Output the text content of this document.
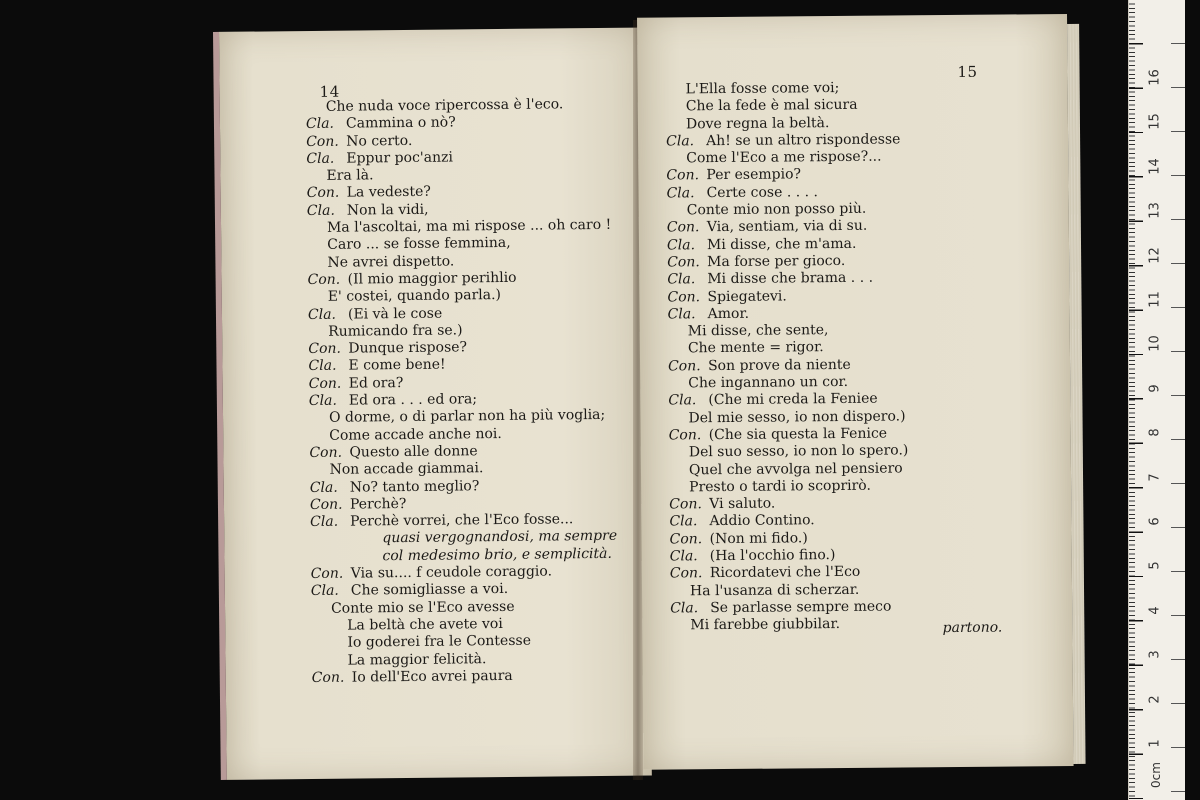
14
Che nuda voce ripercossa è l'eco.
Cla. Cammina o nò?
Con. No certo.
Cla. Eppur poc'anzi
Era là.
Con. La vedeste?
Cla. Non la vidi,
Ma l'ascoltai, ma mi rispose ... oh caro !
Caro ... se fosse femmina,
Ne avrei dispetto.
Con. (Il mio maggior perihlio
E' costei, quando parla.)
Cla. (Ei và le cose
Rumicando fra se.)
Con. Dunque rispose?
Cla. E come bene!
Con. Ed ora?
Cla. Ed ora . . . ed ora;
O dorme, o di parlar non ha più voglia;
Come accade anche noi.
Con. Questo alle donne
Non accade giammai.
Cla. No? tanto meglio?
Con. Perchè?
Cla. Perchè vorrei, che l'Eco fosse...
quasi vergognandosi, ma sempre
col medesimo brio, e semplicità.
Con. Via su.... f ceudole coraggio.
Cla. Che somigliasse a voi.
Conte mio se l'Eco avesse
La beltà che avete voi
Io goderei fra le Contesse
La maggior felicità.
Con. Io dell'Eco avrei paura
15
L'Ella fosse come voi;
Che la fede è mal sicura
Dove regna la beltà.
Cla. Ah! se un altro rispondesse
Come l'Eco a me rispose?...
Con. Per esempio?
Cla. Certe cose . . . .
Conte mio non posso più.
Con. Via, sentiam, via di su.
Cla. Mi disse, che m'ama.
Con. Ma forse per gioco.
Cla. Mi disse che brama . . .
Con. Spiegatevi.
Cla. Amor.
Mi disse, che sente,
Che mente = rigor.
Con. Son prove da niente
Che ingannano un cor.
Cla. (Che mi creda la Feniee
Del mie sesso, io non dispero.)
Con. (Che sia questa la Fenice
Del suo sesso, io non lo spero.)
Quel che avvolga nel pensiero
Presto o tardi io scoprirò.
Con. Vi saluto.
Cla. Addio Contino.
Con. (Non mi fido.)
Cla. (Ha l'occhio fino.)
Con. Ricordatevi che l'Eco
Ha l'usanza di scherzar.
Cla. Se parlasse sempre meco
Mi farebbe giubbilar.	partono.
1
2
3
4
5
6
7
8
9
10
11
12
13
14
15
16
0cm
